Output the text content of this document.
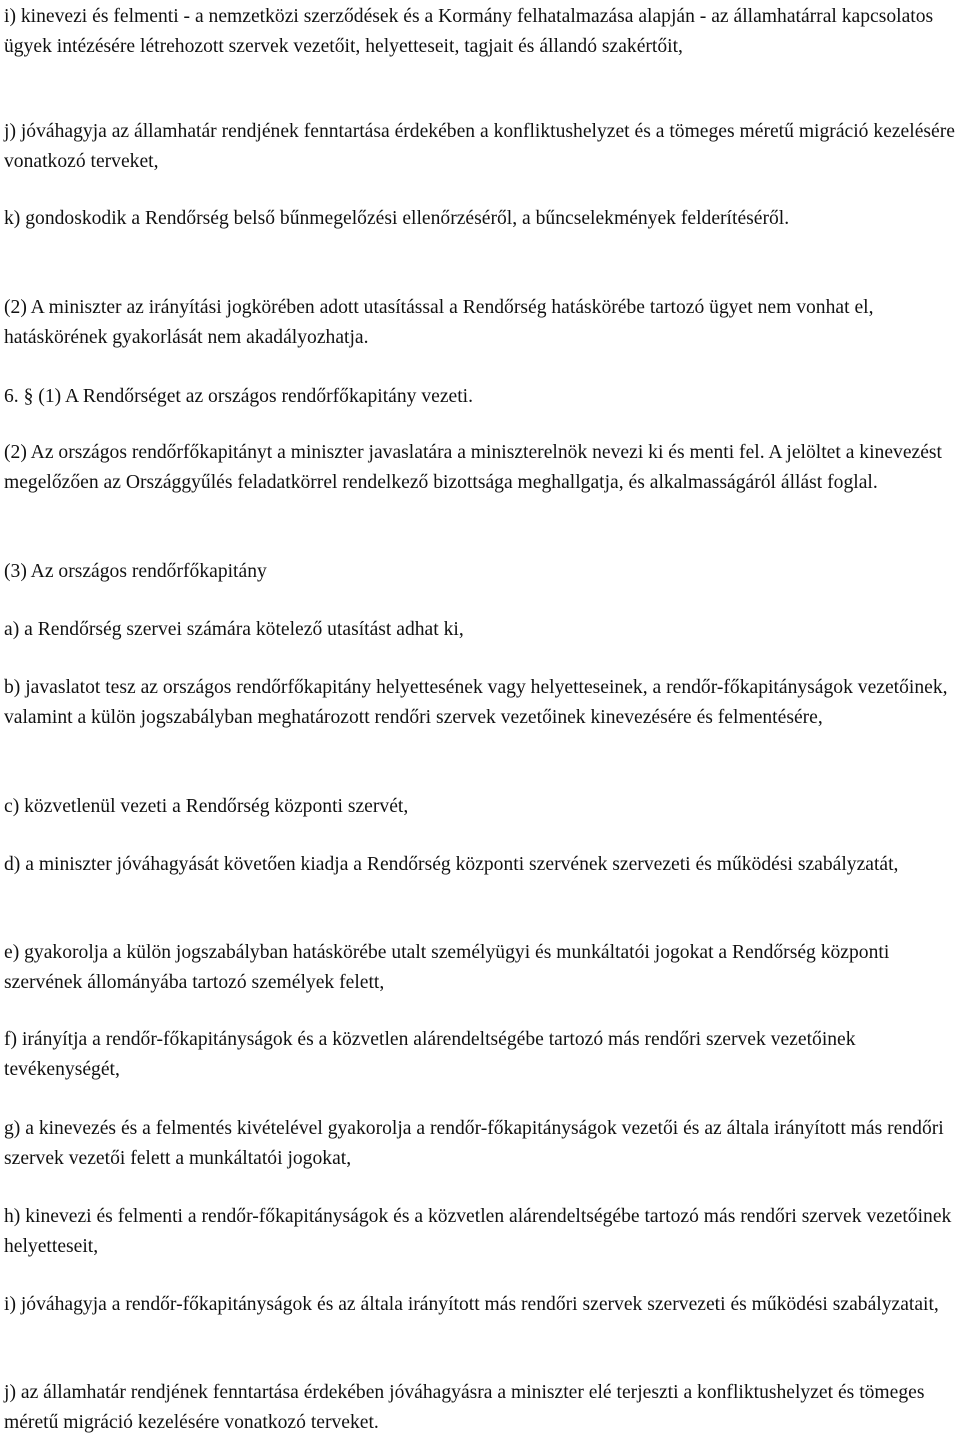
i) kinevezi és felmenti - a nemzetközi szerződések és a Kormány felhatalmazása alapján - az államhatárral kapcsolatos ügyek intézésére létrehozott szervek vezetőit, helyetteseit, tagjait és állandó szakértőit,

j) jóváhagyja az államhatár rendjének fenntartása érdekében a konfliktushelyzet és a tömeges méretű migráció kezelésére vonatkozó terveket,

k) gondoskodik a Rendőrség belső bűnmegelőzési ellenőrzéséről, a bűncselekmények felderítéséről.

(2) A miniszter az irányítási jogkörében adott utasítással a Rendőrség hatáskörébe tartozó ügyet nem vonhat el, hatáskörének gyakorlását nem akadályozhatja.

6. § (1) A Rendőrséget az országos rendőrfőkapitány vezeti.

(2) Az országos rendőrfőkapitányt a miniszter javaslatára a miniszterelnök nevezi ki és menti fel. A jelöltet a kinevezést megelőzően az Országgyűlés feladatkörrel rendelkező bizottsága meghallgatja, és alkalmasságáról állást foglal.

(3) Az országos rendőrfőkapitány

a) a Rendőrség szervei számára kötelező utasítást adhat ki,

b) javaslatot tesz az országos rendőrfőkapitány helyettesének vagy helyetteseinek, a rendőr-főkapitányságok vezetőinek, valamint a külön jogszabályban meghatározott rendőri szervek vezetőinek kinevezésére és felmentésére,

c) közvetlenül vezeti a Rendőrség központi szervét,

d) a miniszter jóváhagyását követően kiadja a Rendőrség központi szervének szervezeti és működési szabályzatát,

e) gyakorolja a külön jogszabályban hatáskörébe utalt személyügyi és munkáltatói jogokat a Rendőrség központi szervének állományába tartozó személyek felett,

f) irányítja a rendőr-főkapitányságok és a közvetlen alárendeltségébe tartozó más rendőri szervek vezetőinek tevékenységét,

g) a kinevezés és a felmentés kivételével gyakorolja a rendőr-főkapitányságok vezetői és az általa irányított más rendőri szervek vezetői felett a munkáltatói jogokat,

h) kinevezi és felmenti a rendőr-főkapitányságok és a közvetlen alárendeltségébe tartozó más rendőri szervek vezetőinek helyetteseit,

i) jóváhagyja a rendőr-főkapitányságok és az általa irányított más rendőri szervek szervezeti és működési szabályzatait,

j) az államhatár rendjének fenntartása érdekében jóváhagyásra a miniszter elé terjeszti a konfliktushelyzet és tömeges méretű migráció kezelésére vonatkozó terveket.
